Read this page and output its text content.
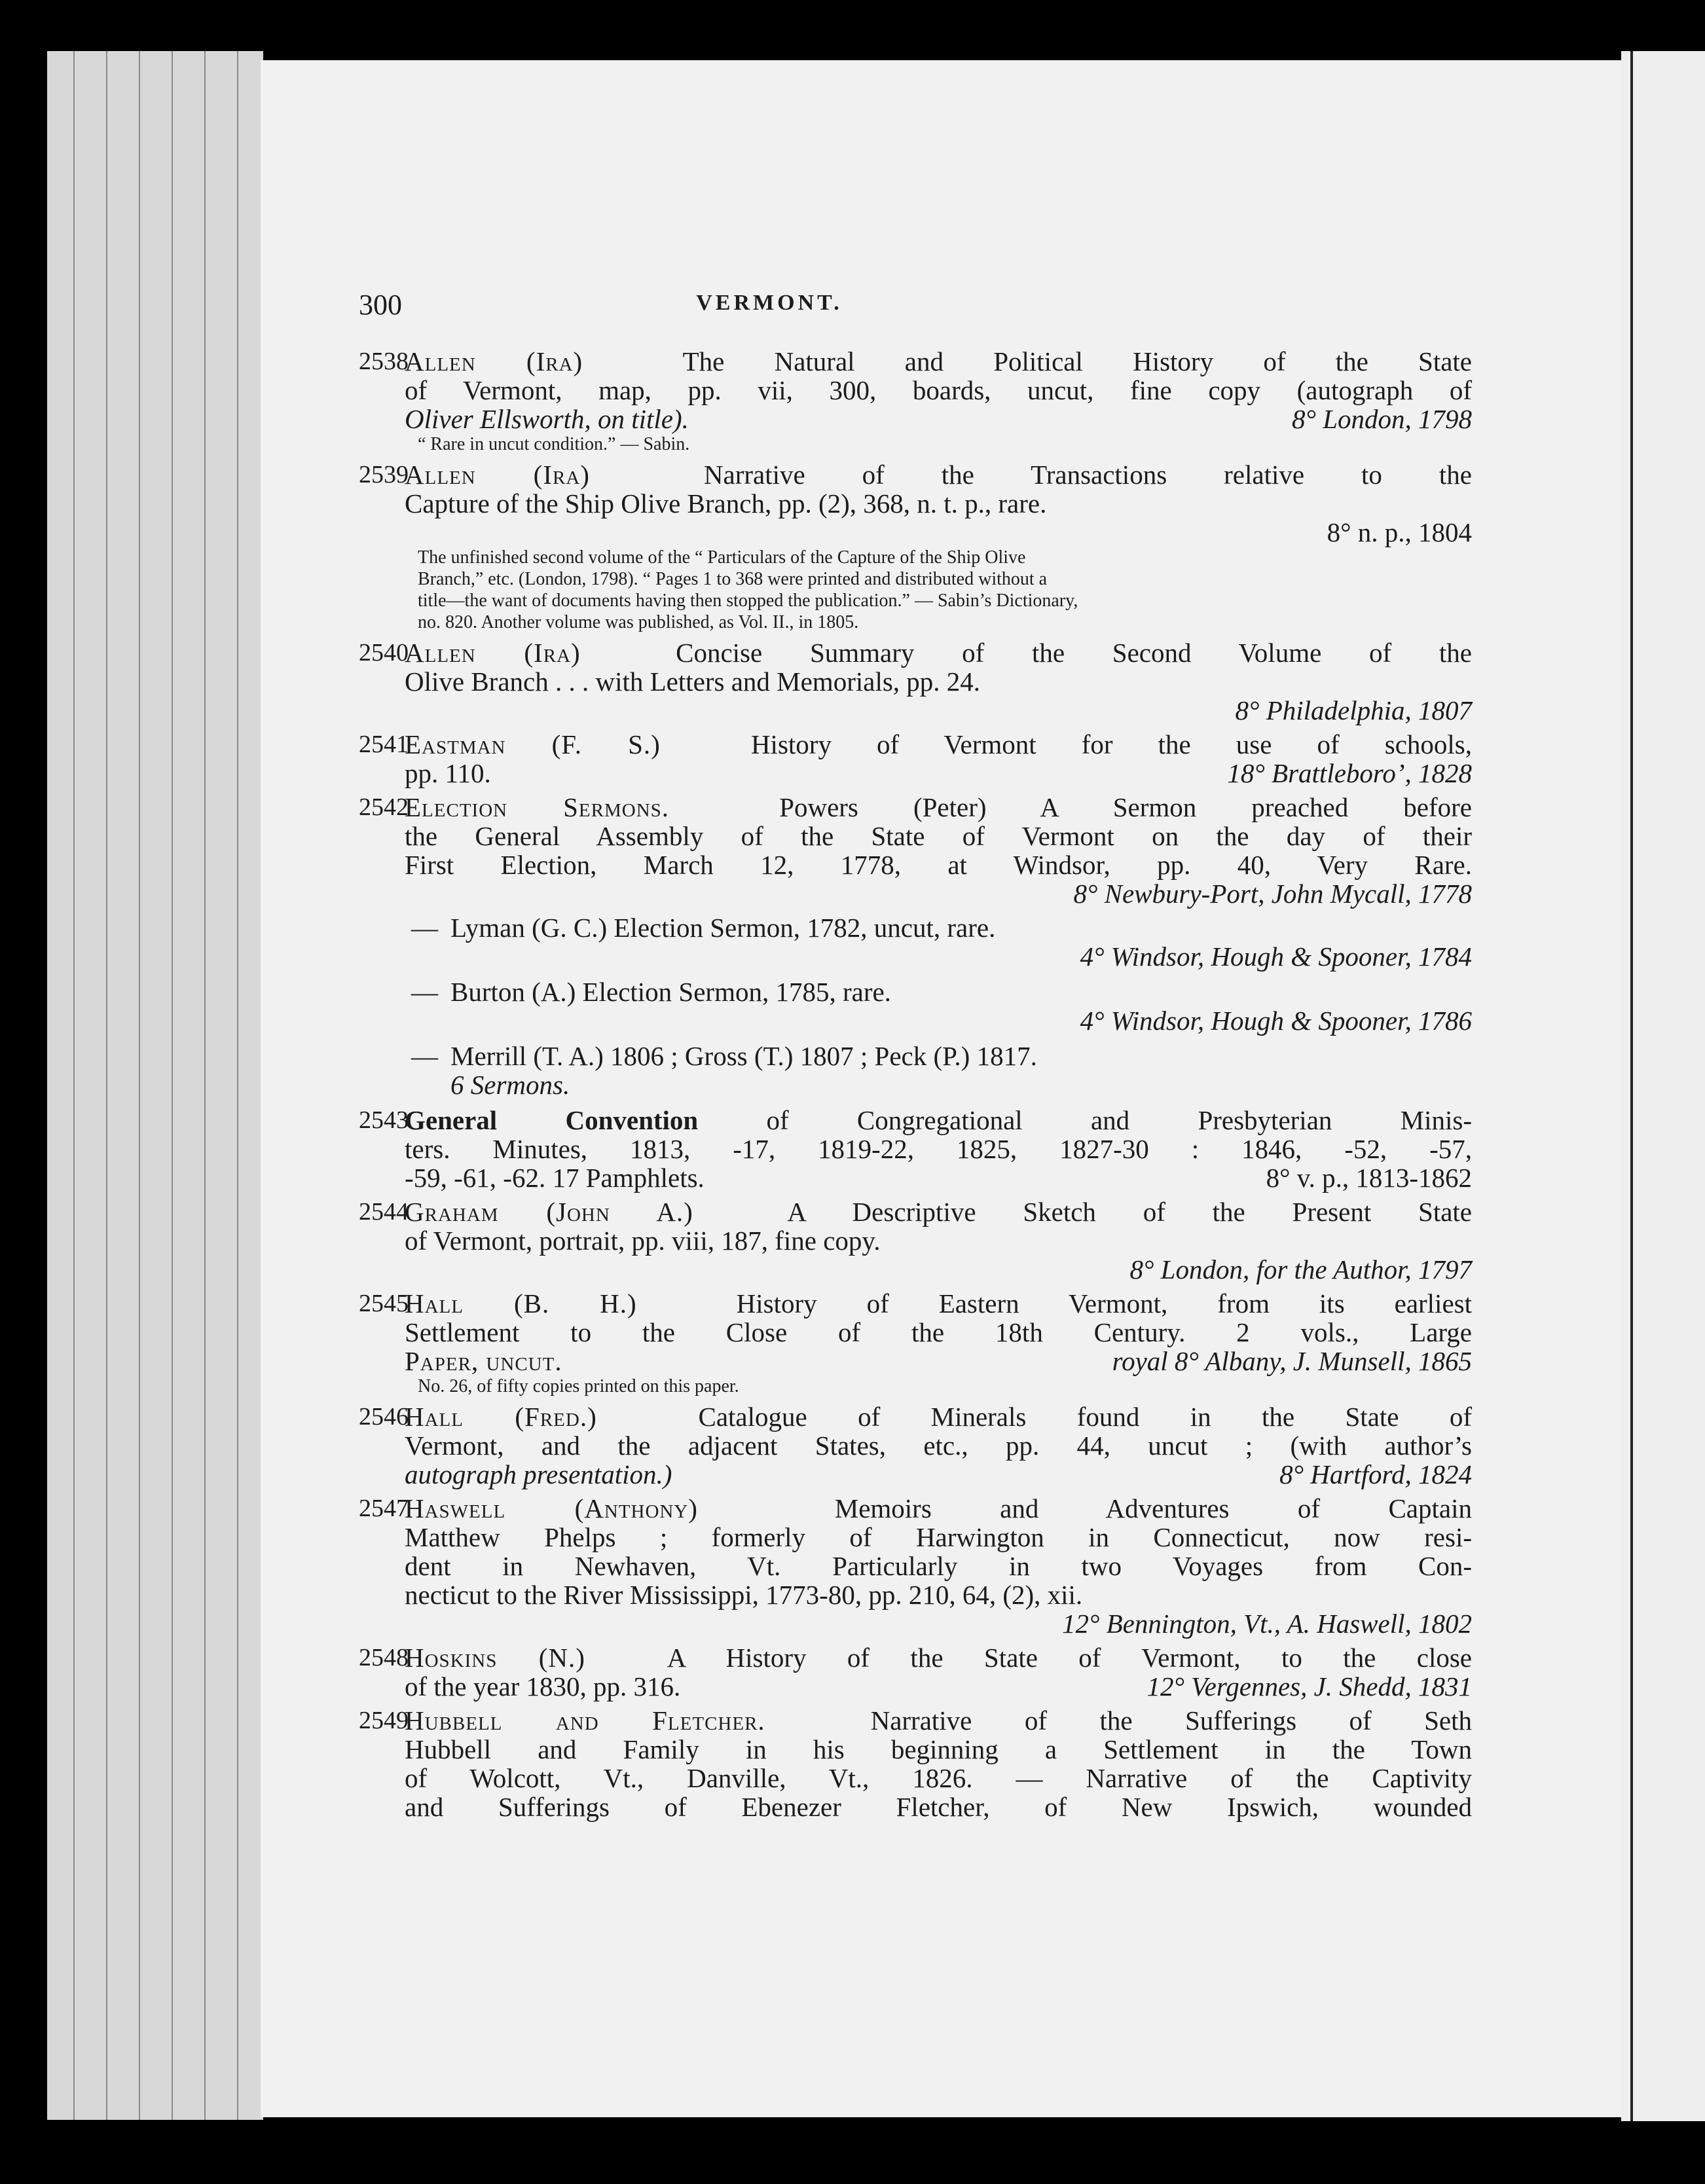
300	VERMONT.
2538
Allen (Ira)	The Natural and Political History of the State
of Vermont, map, pp. vii, 300, boards, uncut, fine copy (autograph of
Oliver Ellsworth, on title).	8° London, 1798
“ Rare in uncut condition.” — Sabin.
2539
Allen (Ira)	Narrative of the Transactions relative to the
Capture of the Ship Olive Branch, pp. (2), 368, n. t. p., rare.
8° n. p., 1804
The unfinished second volume of the “ Particulars of the Capture of the Ship Olive
Branch,” etc. (London, 1798). “ Pages 1 to 368 were printed and distributed without a
title—the want of documents having then stopped the publication.” — Sabin’s Dictionary,
no. 820. Another volume was published, as Vol. II., in 1805.
2540
Allen (Ira)	Concise Summary of the Second Volume of the
Olive Branch . . . with Letters and Memorials, pp. 24.
8° Philadelphia, 1807
2541
Eastman (F. S.)	History of Vermont for the use of schools,
pp. 110.	18° Brattleboro’, 1828
2542
Election Sermons.	Powers (Peter) A Sermon preached before
the General Assembly of the State of Vermont on the day of their
First Election, March 12, 1778, at Windsor, pp. 40, Very Rare.
8° Newbury-Port, John Mycall, 1778
— Lyman (G. C.) Election Sermon, 1782, uncut, rare.
4° Windsor, Hough & Spooner, 1784
— Burton (A.) Election Sermon, 1785, rare.
4° Windsor, Hough & Spooner, 1786
— Merrill (T. A.) 1806 ; Gross (T.) 1807 ; Peck (P.) 1817.
6 Sermons.
2543
General Convention	of Congregational and Presbyterian Minis-
ters. Minutes, 1813, -17, 1819-22, 1825, 1827-30 : 1846, -52, -57,
-59, -61, -62. 17 Pamphlets.	8° v. p., 1813-1862
2544
Graham (John A.)	A Descriptive Sketch of the Present State
of Vermont, portrait, pp. viii, 187, fine copy.
8° London, for the Author, 1797
2545
Hall (B. H.)	History of Eastern Vermont, from its earliest
Settlement to the Close of the 18th Century. 2 vols., Large
Paper, uncut.	royal 8° Albany, J. Munsell, 1865
No. 26, of fifty copies printed on this paper.
2546
Hall (Fred.)	Catalogue of Minerals found in the State of
Vermont, and the adjacent States, etc., pp. 44, uncut ; (with author’s
autograph presentation.)	8° Hartford, 1824
2547
Haswell (Anthony)	Memoirs and Adventures of Captain
Matthew Phelps ; formerly of Harwington in Connecticut, now resi-
dent in Newhaven, Vt. Particularly in two Voyages from Con-
necticut to the River Mississippi, 1773-80, pp. 210, 64, (2), xii.
12° Bennington, Vt., A. Haswell, 1802
2548
Hoskins (N.)	A History of the State of Vermont, to the close
of the year 1830, pp. 316.	12° Vergennes, J. Shedd, 1831
2549
Hubbell and Fletcher.	Narrative of the Sufferings of Seth
Hubbell and Family in his beginning a Settlement in the Town
of Wolcott, Vt., Danville, Vt., 1826. — Narrative of the Captivity
and Sufferings of Ebenezer Fletcher, of New Ipswich, wounded
